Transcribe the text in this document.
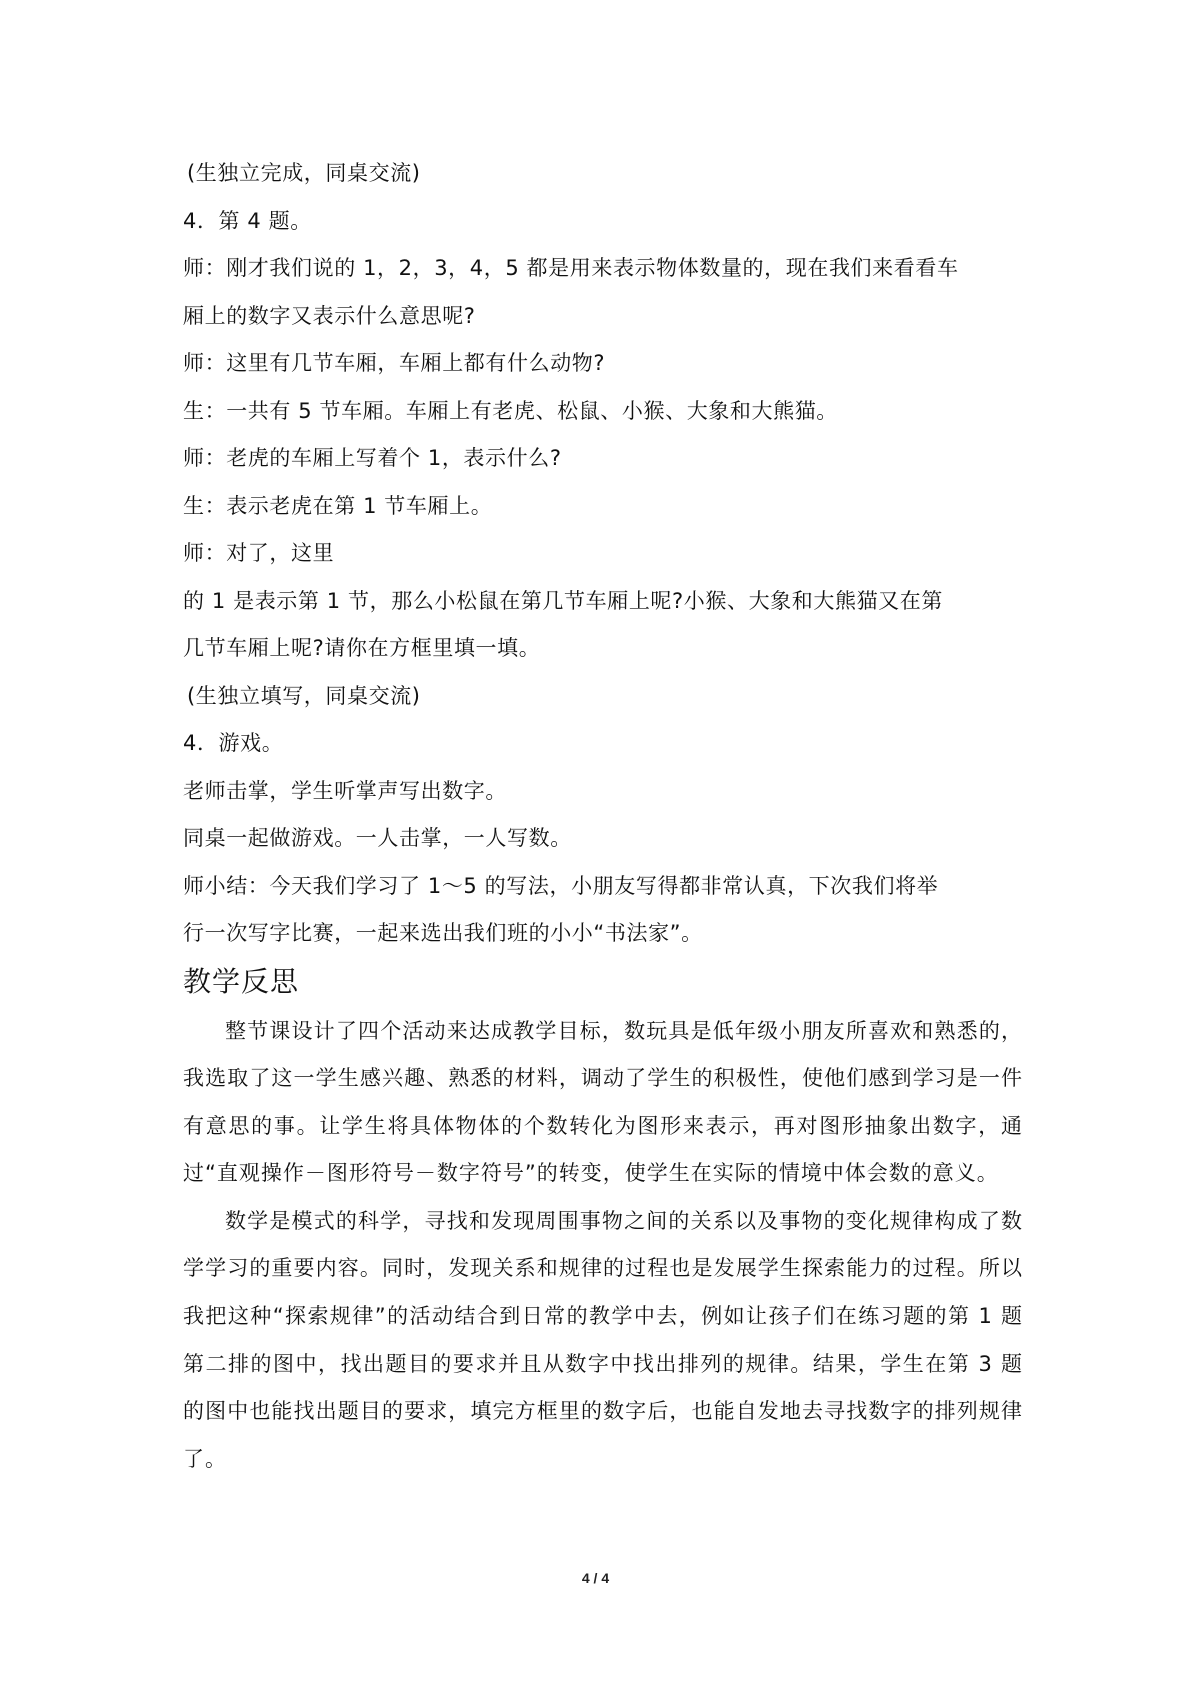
(生独立完成，同桌交流)
4．第 4 题。
师：刚才我们说的 1，2，3，4，5 都是用来表示物体数量的，现在我们来看看车
厢上的数字又表示什么意思呢?
师：这里有几节车厢，车厢上都有什么动物?
生：一共有 5 节车厢。车厢上有老虎、松鼠、小猴、大象和大熊猫。
师：老虎的车厢上写着个 1，表示什么?
生：表示老虎在第 1 节车厢上。
师：对了，这里
的 1 是表示第 1 节，那么小松鼠在第几节车厢上呢?小猴、大象和大熊猫又在第
几节车厢上呢?请你在方框里填一填。
(生独立填写，同桌交流)
4．游戏。
老师击掌，学生听掌声写出数字。
同桌一起做游戏。一人击掌，一人写数。
师小结：今天我们学习了 1～5 的写法，小朋友写得都非常认真，下次我们将举
行一次写字比赛，一起来选出我们班的小小“书法家”。
教学反思

整节课设计了四个活动来达成教学目标，数玩具是低年级小朋友所喜欢和熟悉的，我选取了这一学生感兴趣、熟悉的材料，调动了学生的积极性，使他们感到学习是一件有意思的事。让学生将具体物体的个数转化为图形来表示，再对图形抽象出数字，通过“直观操作－图形符号－数字符号”的转变，使学生在实际的情境中体会数的意义。

数学是模式的科学，寻找和发现周围事物之间的关系以及事物的变化规律构成了数学学习的重要内容。同时，发现关系和规律的过程也是发展学生探索能力的过程。所以我把这种“探索规律”的活动结合到日常的教学中去，例如让孩子们在练习题的第 1 题第二排的图中，找出题目的要求并且从数字中找出排列的规律。结果，学生在第 3 题的图中也能找出题目的要求，填完方框里的数字后，也能自发地去寻找数字的排列规律了。

4 / 4
